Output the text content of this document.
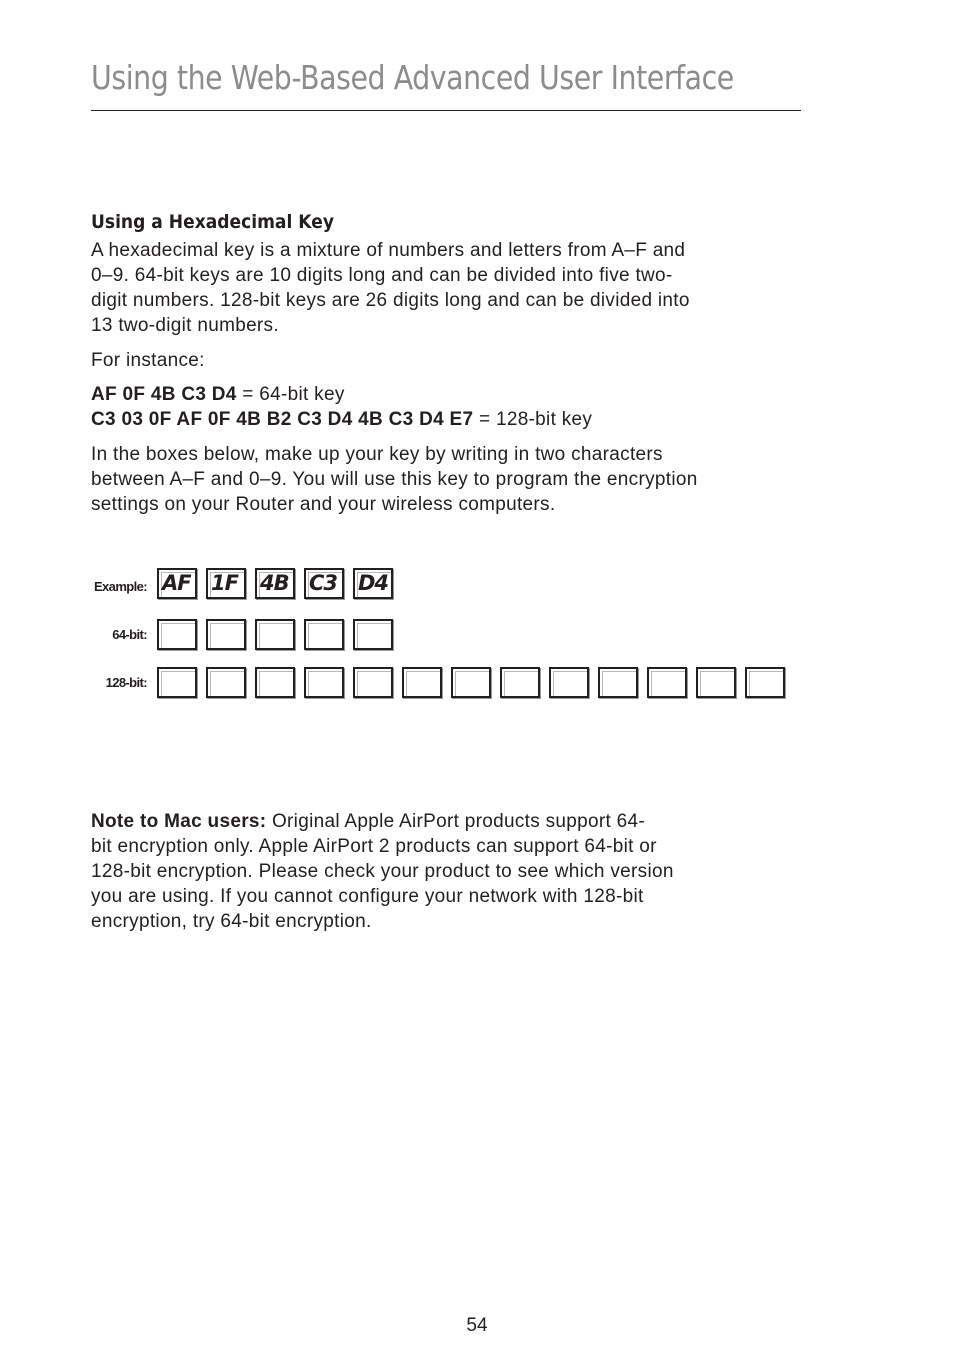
Using the Web-Based Advanced User Interface
Using a Hexadecimal Key
A hexadecimal key is a mixture of numbers and letters from A–F and
0–9. 64-bit keys are 10 digits long and can be divided into five two-
digit numbers. 128-bit keys are 26 digits long and can be divided into
13 two-digit numbers.
For instance:
AF 0F 4B C3 D4 = 64-bit key
C3 03 0F AF 0F 4B B2 C3 D4 4B C3 D4 E7 = 128-bit key
In the boxes below, make up your key by writing in two characters
between A–F and 0–9. You will use this key to program the encryption
settings on your Router and your wireless computers.
Example:
64-bit:
128-bit:
AF 1F 4B C3 D4
Note to Mac users: Original Apple AirPort products support 64-
bit encryption only. Apple AirPort 2 products can support 64-bit or
128-bit encryption. Please check your product to see which version
you are using. If you cannot configure your network with 128-bit
encryption, try 64-bit encryption.
54
